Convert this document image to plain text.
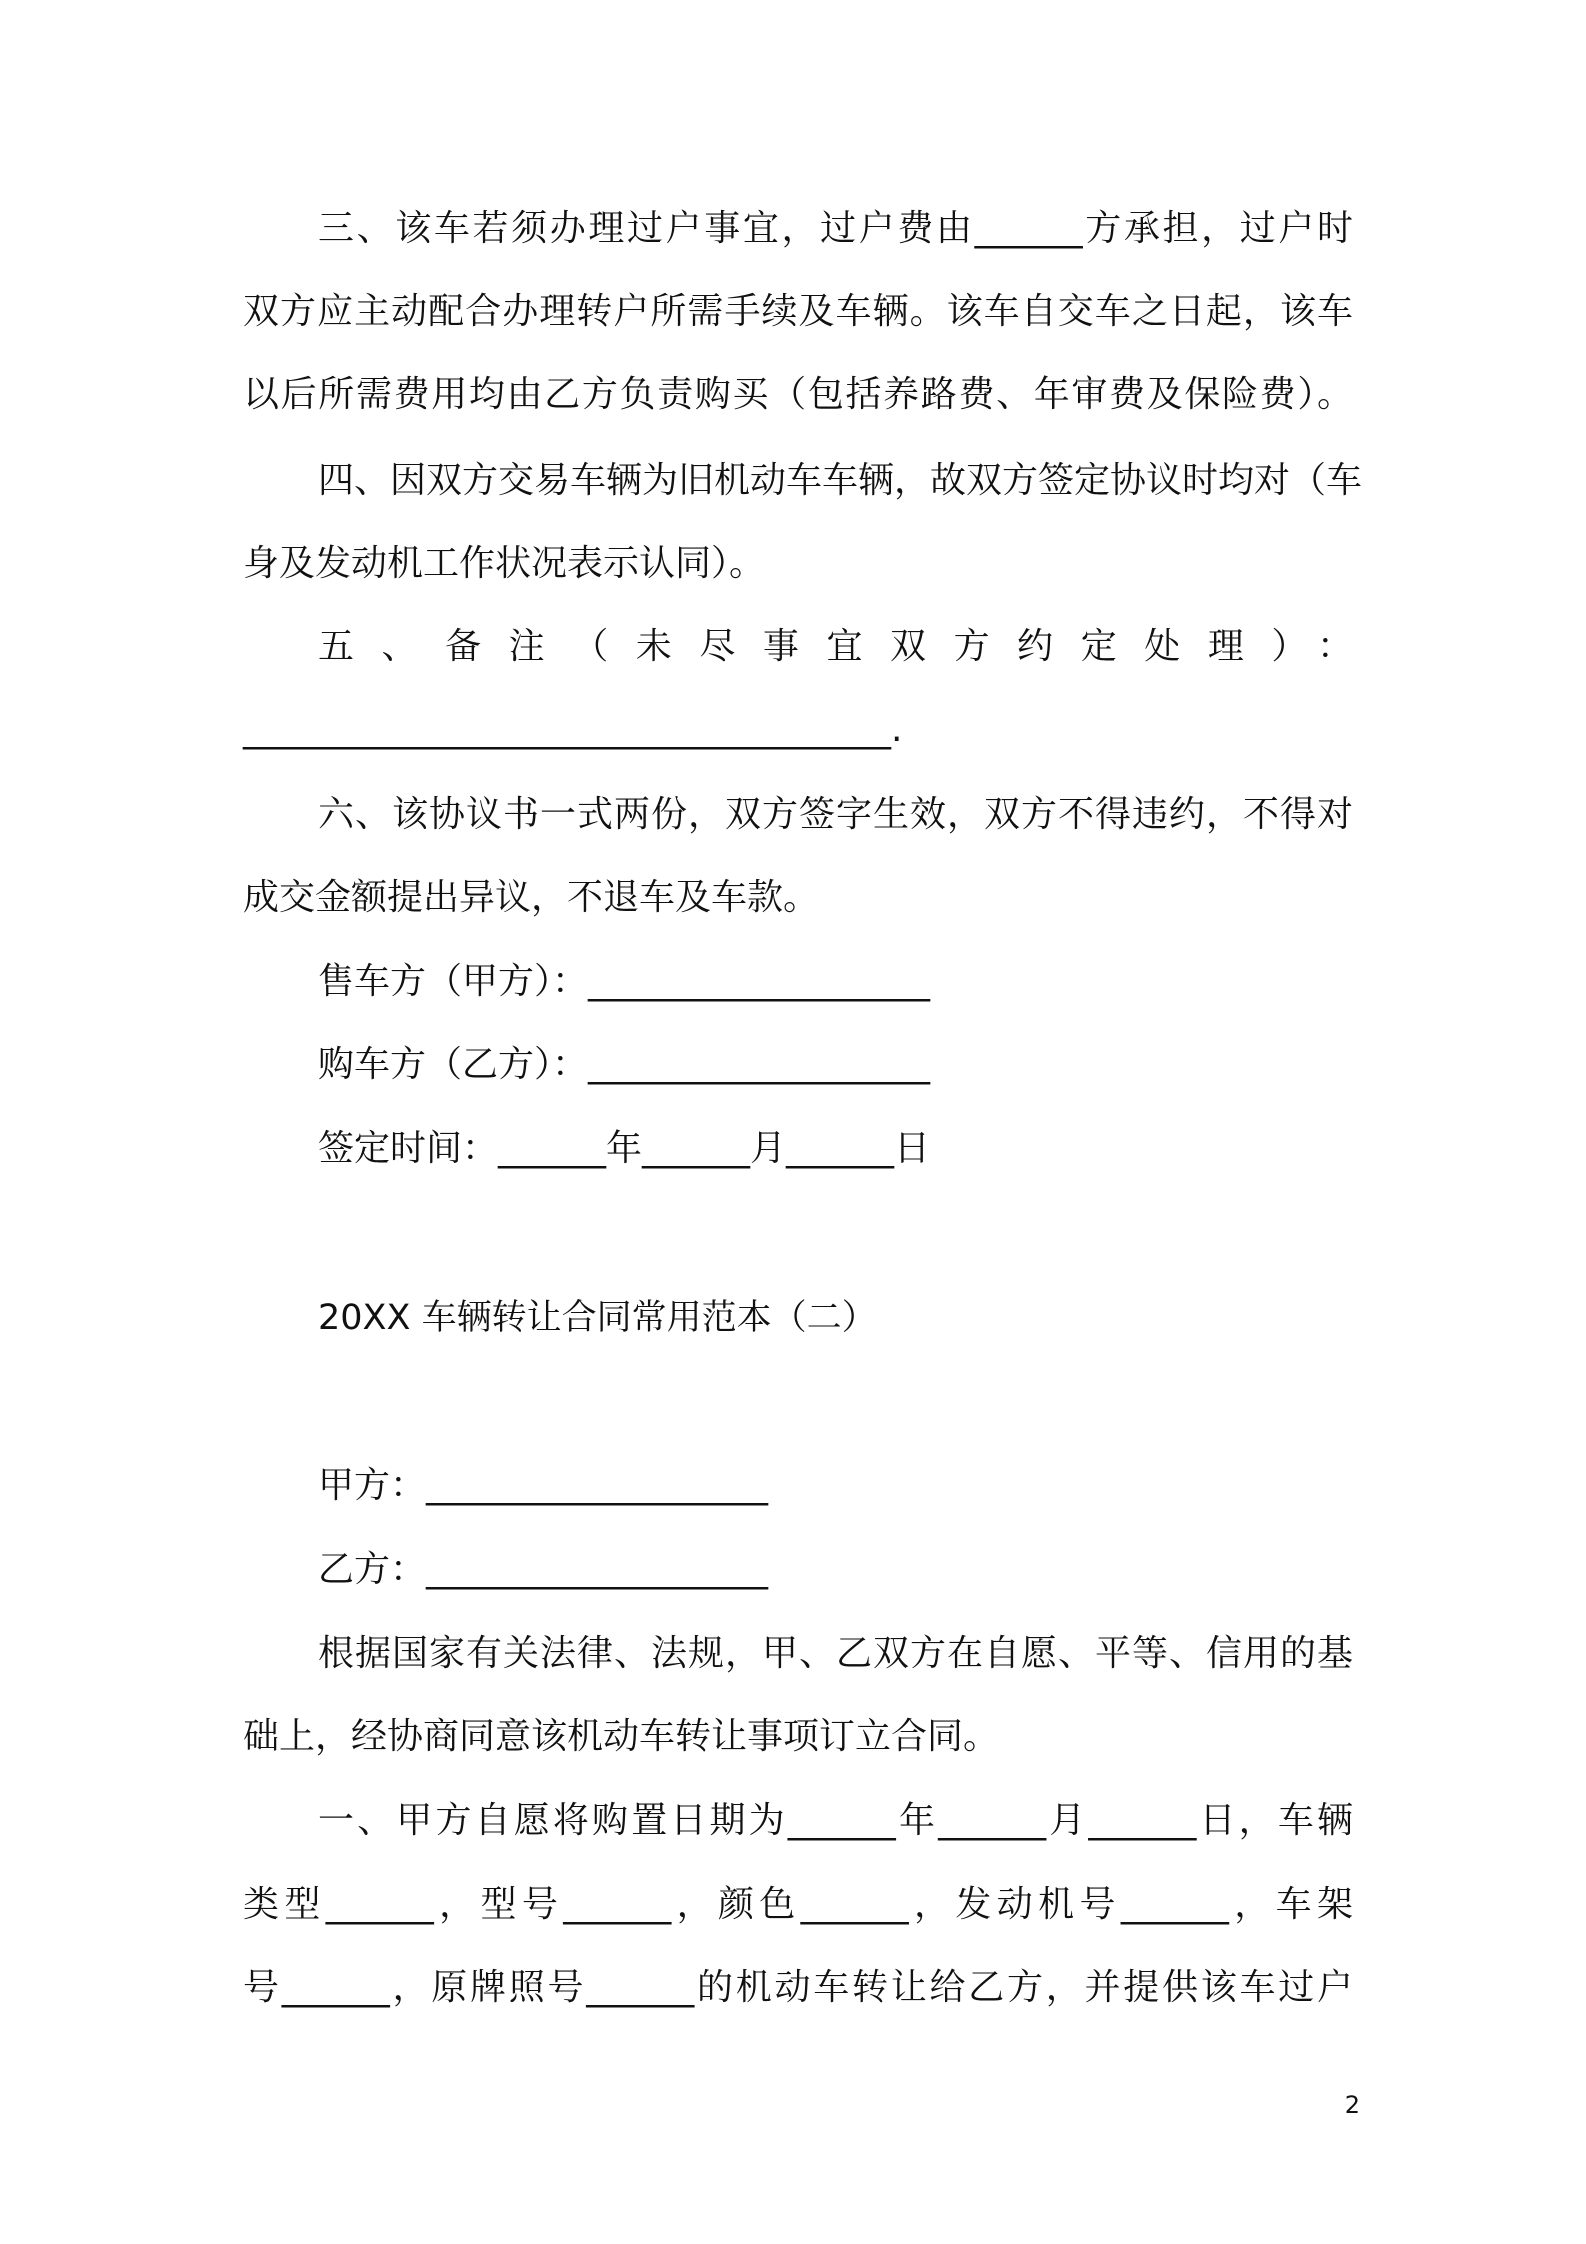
三、该车若须办理过户事宜，过户费由______方承担，过户时
双方应主动配合办理转户所需手续及车辆。该车自交车之日起，该车
以后所需费用均由乙方负责购买（包括养路费、年审费及保险费）。
四、因双方交易车辆为旧机动车车辆，故双方签定协议时均对（车
身及发动机工作状况表示认同）。
五、备注（未尽事宜双方约定处理）：
____________________________________.
六、该协议书一式两份，双方签字生效，双方不得违约，不得对
成交金额提出异议，不退车及车款。
售车方（甲方）：___________________
购车方（乙方）：___________________
签定时间：______年______月______日
20XX 车辆转让合同常用范本（二）
甲方：___________________
乙方：___________________
根据国家有关法律、法规，甲、乙双方在自愿、平等、信用的基
础上，经协商同意该机动车转让事项订立合同。
一、甲方自愿将购置日期为______年______月______日，车辆
类型______，型号______，颜色______，发动机号______，车架
号______，原牌照号______的机动车转让给乙方，并提供该车过户
2
